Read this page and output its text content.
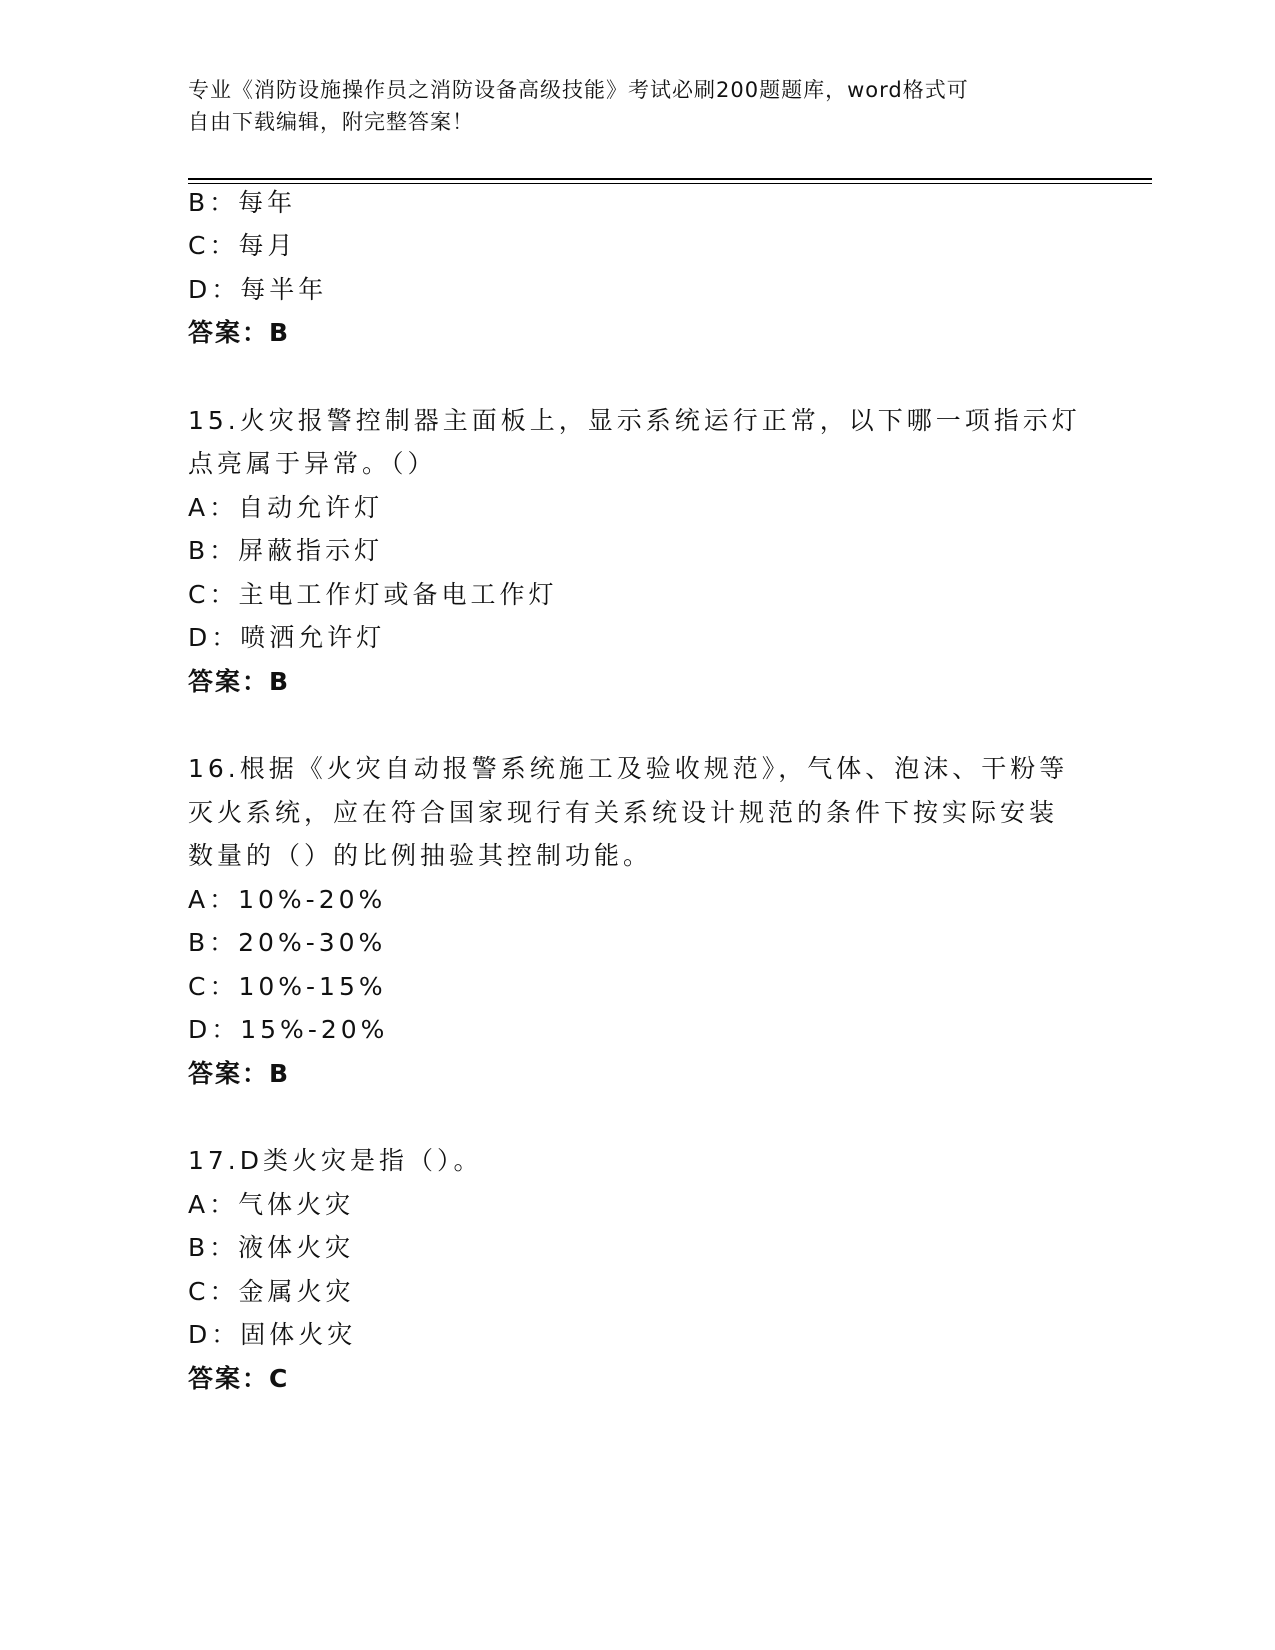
专业《消防设施操作员之消防设备高级技能》考试必刷200题题库，word格式可
自由下载编辑，附完整答案！
B：每年
C：每月
D：每半年
答案：B
15.火灾报警控制器主面板上，显示系统运行正常，以下哪一项指示灯
点亮属于异常。（）
A：自动允许灯
B：屏蔽指示灯
C：主电工作灯或备电工作灯
D：喷洒允许灯
答案：B
16.根据《火灾自动报警系统施工及验收规范》，气体、泡沫、干粉等
灭火系统，应在符合国家现行有关系统设计规范的条件下按实际安装
数量的（）的比例抽验其控制功能。
A：10%-20%
B：20%-30%
C：10%-15%
D：15%-20%
答案：B
17.D类火灾是指（）。
A：气体火灾
B：液体火灾
C：金属火灾
D：固体火灾
答案：C
